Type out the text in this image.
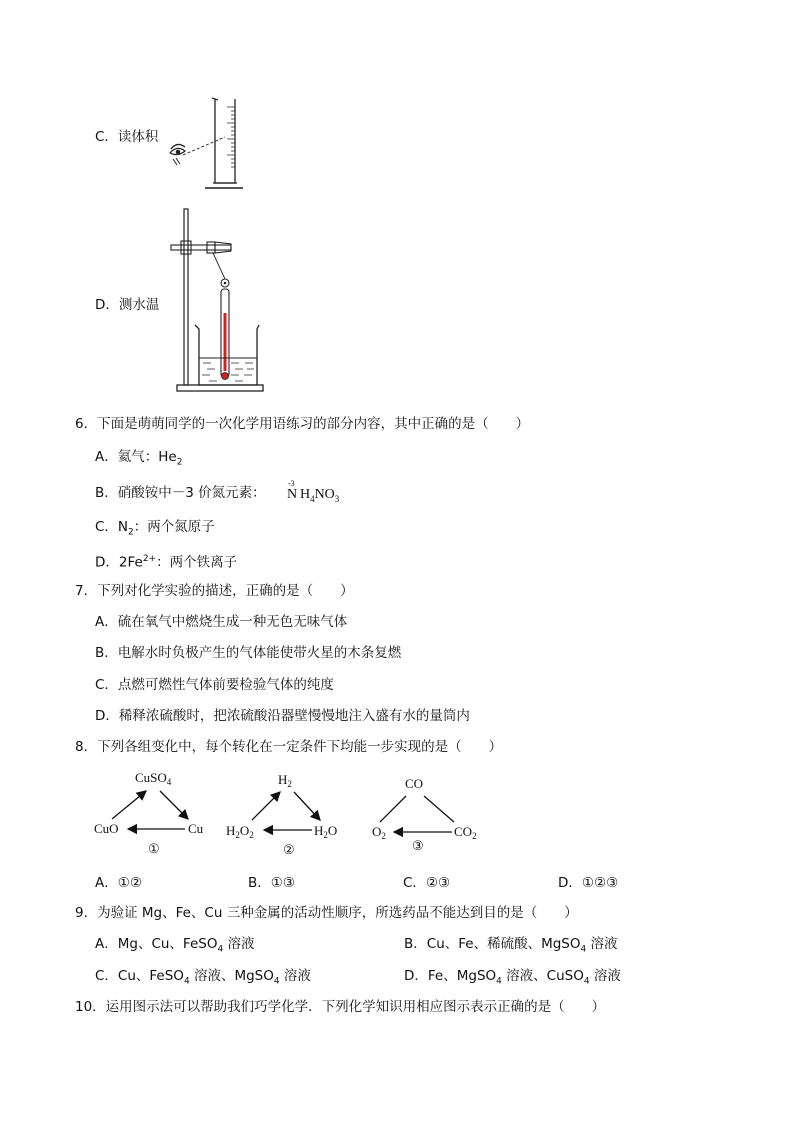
C．读体积
D．测水温
6．下面是萌萌同学的一次化学用语练习的部分内容，其中正确的是（　　）
A．氦气：$He_2$
B．硝酸铵中－3 价氮元素：
-3
N  $H_4NO_3$
C．$N_2$：两个氮原子
D．$2Fe^{2+}$：两个铁离子
7．下列对化学实验的描述，正确的是（　　）
A．硫在氧气中燃烧生成一种无色无味气体
B．电解水时负极产生的气体能使带火星的木条复燃
C．点燃可燃性气体前要检验气体的纯度
D．稀释浓硫酸时，把浓硫酸沿器壁慢慢地注入盛有水的量筒内
8．下列各组变化中，每个转化在一定条件下均能一步实现的是（　　）
CuSO$_4$
CuO	Cu
①
$H_2$
$H_2O_2$	$H_2O$
②
CO
$O_2$	$CO_2$
③
A．①②	B．①③	C．②③	D．①②③
9．为验证 Mg、Fe、Cu 三种金属的活动性顺序，所选药品不能达到目的是（　　）
A．Mg、Cu、FeSO$_4$ 溶液	B．Cu、Fe、稀硫酸、MgSO$_4$ 溶液
C．Cu、FeSO$_4$ 溶液、MgSO$_4$ 溶液	D．Fe、MgSO$_4$ 溶液、CuSO$_4$ 溶液
10．运用图示法可以帮助我们巧学化学．下列化学知识用相应图示表示正确的是（　　）
